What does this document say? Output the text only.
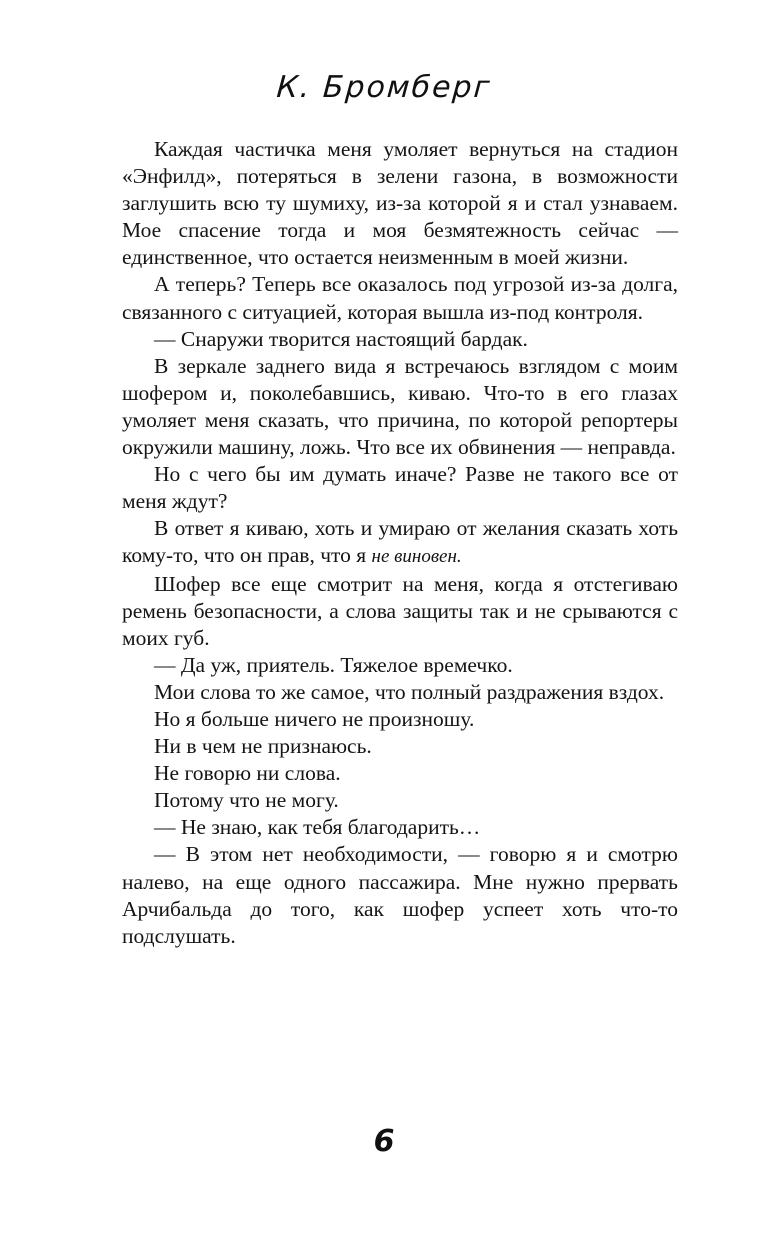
К. Бромберг

Каждая частичка меня умоляет вернуться на стадион «Энфилд», потеряться в зелени газона, в возможности заглушить всю ту шумиху, из-за которой я и стал узнаваем. Мое спасение тогда и моя безмятежность сейчас — единственное, что остается неизменным в моей жизни.

А теперь? Теперь все оказалось под угрозой из-за долга, связанного с ситуацией, которая вышла из-под контроля.

— Снаружи творится настоящий бардак.

В зеркале заднего вида я встречаюсь взглядом с моим шофером и, поколебавшись, киваю. Что-то в его глазах умоляет меня сказать, что причина, по которой репортеры окружили машину, ложь. Что все их обвинения — неправда.

Но с чего бы им думать иначе? Разве не такого все от меня ждут?

В ответ я киваю, хоть и умираю от желания сказать хоть кому-то, что он прав, что я не виновен.

Шофер все еще смотрит на меня, когда я отстегиваю ремень безопасности, а слова защиты так и не срываются с моих губ.

— Да уж, приятель. Тяжелое времечко.

Мои слова то же самое, что полный раздражения вздох.

Но я больше ничего не произношу.

Ни в чем не признаюсь.

Не говорю ни слова.

Потому что не могу.

— Не знаю, как тебя благодарить…

— В этом нет необходимости, — говорю я и смотрю налево, на еще одного пассажира. Мне нужно прервать Арчибальда до того, как шофер успеет хоть что-то подслушать.

6
